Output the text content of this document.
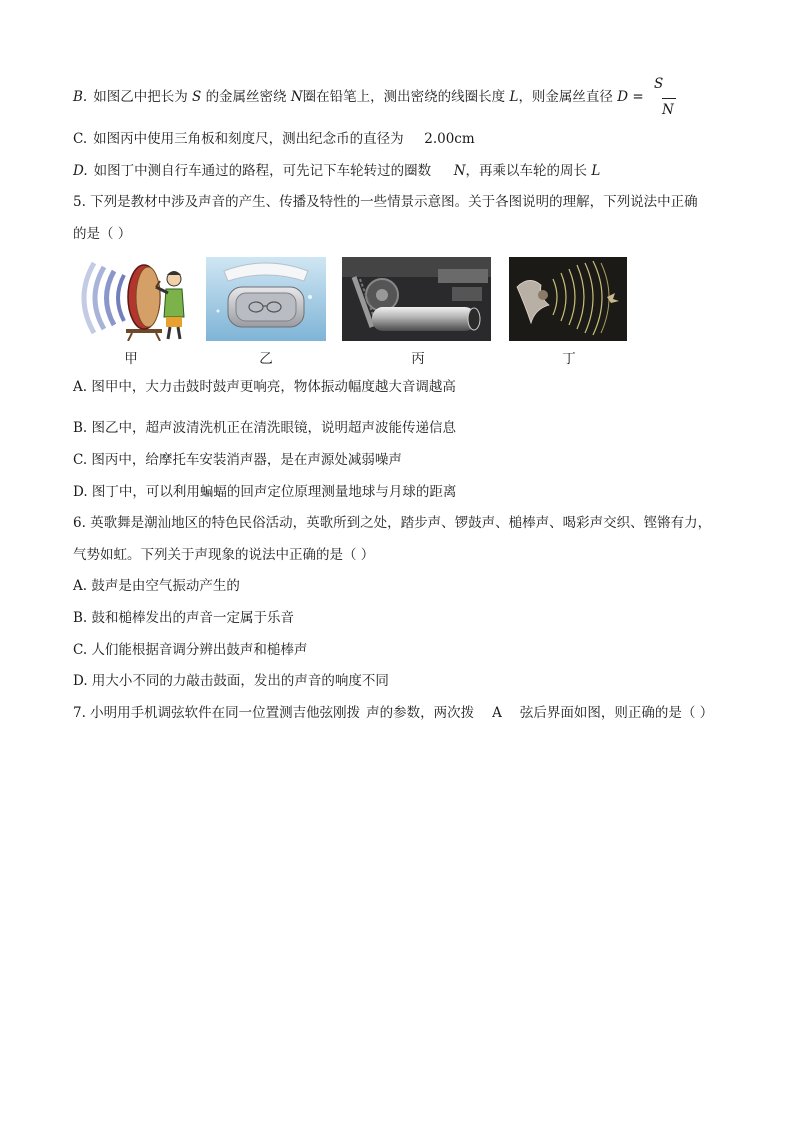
B. 如图乙中把长为 S 的金属丝密绕 N圈在铅笔上，测出密绕的线圈长度 L，则金属丝直径 D =
S
N
C. 如图丙中使用三角板和刻度尺，测出纪念币的直径为 2.00cm
D. 如图丁中测自行车通过的路程，可先记下车轮转过的圈数 N，再乘以车轮的周长 L
5. 下列是教材中涉及声音的产生、传播及特性的一些情景示意图。关于各图说明的理解，下列说法中正确
的是（ ）
甲	乙	丙	丁
A. 图甲中，大力击鼓时鼓声更响亮，物体振动幅度越大音调越高
B. 图乙中，超声波清洗机正在清洗眼镜，说明超声波能传递信息
C. 图丙中，给摩托车安装消声器，是在声源处减弱噪声
D. 图丁中，可以利用蝙蝠的回声定位原理测量地球与月球的距离
6. 英歌舞是潮汕地区的特色民俗活动，英歌所到之处，踏步声、锣鼓声、槌棒声、喝彩声交织、铿锵有力，
气势如虹。下列关于声现象的说法中正确的是（ ）
A. 鼓声是由空气振动产生的
B. 鼓和槌棒发出的声音一定属于乐音
C. 人们能根据音调分辨出鼓声和槌棒声
D. 用大小不同的力敲击鼓面，发出的声音的响度不同
7. 小明用手机调弦软件在同一位置测吉他弦刚拨 声的参数，两次拨 A 弦后界面如图，则正确的是（ ）
